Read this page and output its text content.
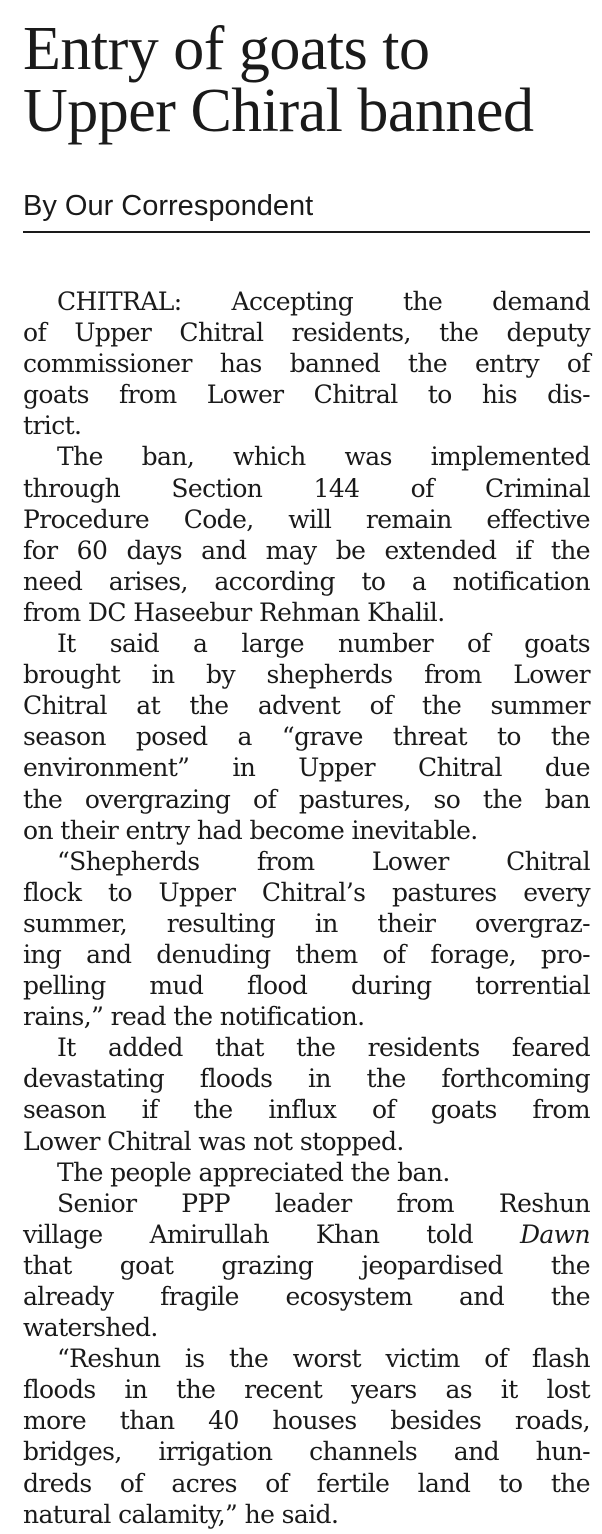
Entry of goats to
Upper Chiral banned
By Our Correspondent

CHITRAL: Accepting the demand
of Upper Chitral residents, the deputy
commissioner has banned the entry of
goats from Lower Chitral to his dis-
trict.

The ban, which was implemented
through Section 144 of Criminal
Procedure Code, will remain effective
for 60 days and may be extended if the
need arises, according to a notification
from DC Haseebur Rehman Khalil.

It said a large number of goats
brought in by shepherds from Lower
Chitral at the advent of the summer
season posed a “grave threat to the
environment” in Upper Chitral due
the overgrazing of pastures, so the ban
on their entry had become inevitable.

“Shepherds from Lower Chitral
flock to Upper Chitral’s pastures every
summer, resulting in their overgraz-
ing and denuding them of forage, pro-
pelling mud flood during torrential
rains,” read the notification.

It added that the residents feared
devastating floods in the forthcoming
season if the influx of goats from
Lower Chitral was not stopped.

The people appreciated the ban.

Senior PPP leader from Reshun
village Amirullah Khan told Dawn
that goat grazing jeopardised the
already fragile ecosystem and the
watershed.

“Reshun is the worst victim of flash
floods in the recent years as it lost
more than 40 houses besides roads,
bridges, irrigation channels and hun-
dreds of acres of fertile land to the
natural calamity,” he said.
